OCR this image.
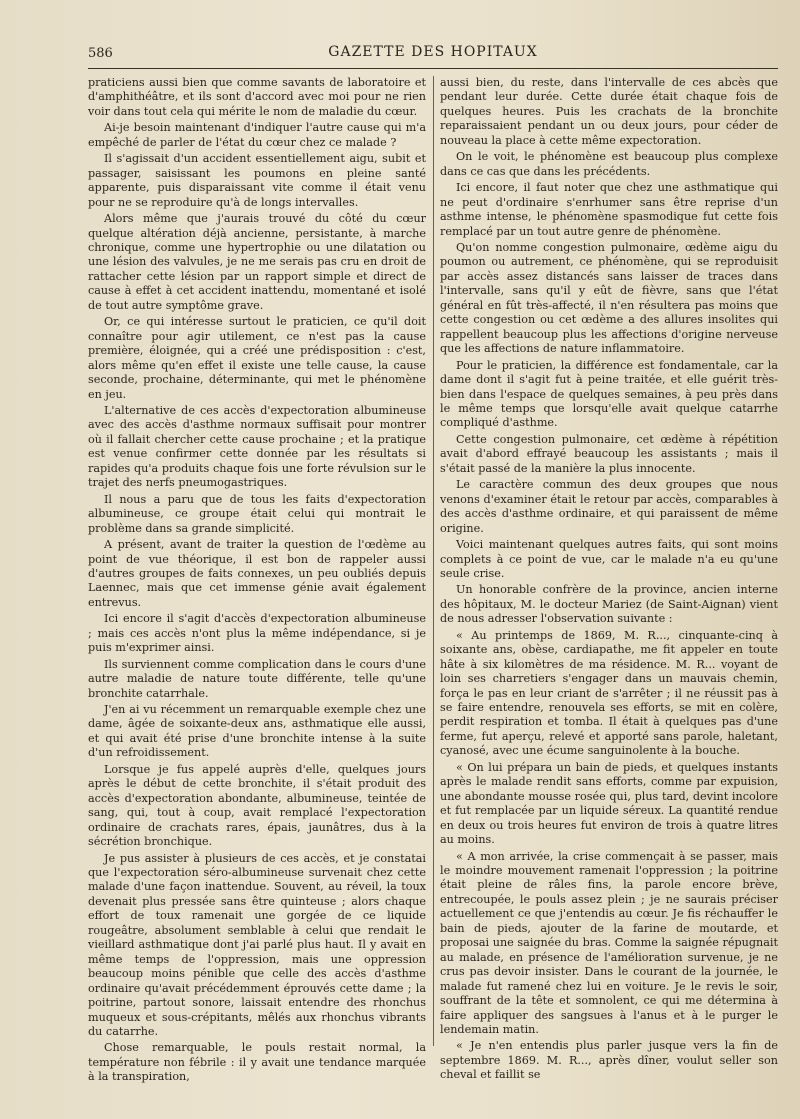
586	GAZETTE DES HOPITAUX

praticiens aussi bien que comme savants de laboratoire et d'amphithéâtre, et ils sont d'accord avec moi pour ne rien voir dans tout cela qui mérite le nom de maladie du cœur.

Ai-je besoin maintenant d'indiquer l'autre cause qui m'a empêché de parler de l'état du cœur chez ce malade ?

Il s'agissait d'un accident essentiellement aigu, subit et passager, saisissant les poumons en pleine santé apparente, puis disparaissant vite comme il était venu pour ne se reproduire qu'à de longs intervalles.

Alors même que j'aurais trouvé du côté du cœur quelque altération déjà ancienne, persistante, à marche chronique, comme une hypertrophie ou une dilatation ou une lésion des valvules, je ne me serais pas cru en droit de rattacher cette lésion par un rapport simple et direct de cause à effet à cet accident inattendu, momentané et isolé de tout autre symptôme grave.

Or, ce qui intéresse surtout le praticien, ce qu'il doit connaître pour agir utilement, ce n'est pas la cause première, éloignée, qui a créé une prédisposition : c'est, alors même qu'en effet il existe une telle cause, la cause seconde, prochaine, déterminante, qui met le phénomène en jeu.

L'alternative de ces accès d'expectoration albumineuse avec des accès d'asthme normaux suffisait pour montrer où il fallait chercher cette cause prochaine ; et la pratique est venue confirmer cette donnée par les résultats si rapides qu'a produits chaque fois une forte révulsion sur le trajet des nerfs pneumogastriques.

Il nous a paru que de tous les faits d'expectoration albumineuse, ce groupe était celui qui montrait le problème dans sa grande simplicité.

A présent, avant de traiter la question de l'œdème au point de vue théorique, il est bon de rappeler aussi d'autres groupes de faits connexes, un peu oubliés depuis Laennec, mais que cet immense génie avait également entrevus.

Ici encore il s'agit d'accès d'expectoration albumineuse ; mais ces accès n'ont plus la même indépendance, si je puis m'exprimer ainsi.

Ils surviennent comme complication dans le cours d'une autre maladie de nature toute différente, telle qu'une bronchite catarrhale.

J'en ai vu récemment un remarquable exemple chez une dame, âgée de soixante-deux ans, asthmatique elle aussi, et qui avait été prise d'une bronchite intense à la suite d'un refroidissement.

Lorsque je fus appelé auprès d'elle, quelques jours après le début de cette bronchite, il s'était produit des accès d'expectoration abondante, albumineuse, teintée de sang, qui, tout à coup, avait remplacé l'expectoration ordinaire de crachats rares, épais, jaunâtres, dus à la sécrétion bronchique.

Je pus assister à plusieurs de ces accès, et je constatai que l'expectoration séro-albumineuse survenait chez cette malade d'une façon inattendue. Souvent, au réveil, la toux devenait plus pressée sans être quinteuse ; alors chaque effort de toux ramenait une gorgée de ce liquide rougeâtre, absolument semblable à celui que rendait le vieillard asthmatique dont j'ai parlé plus haut. Il y avait en même temps de l'oppression, mais une oppression beaucoup moins pénible que celle des accès d'asthme ordinaire qu'avait précédemment éprouvés cette dame ; la poitrine, partout sonore, laissait entendre des rhonchus muqueux et sous-crépitants, mêlés aux rhonchus vibrants du catarrhe.

Chose remarquable, le pouls restait normal, la température non fébrile : il y avait une tendance marquée à la transpiration,

aussi bien, du reste, dans l'intervalle de ces abcès que pendant leur durée. Cette durée était chaque fois de quelques heures. Puis les crachats de la bronchite reparaissaient pendant un ou deux jours, pour céder de nouveau la place à cette même expectoration.

On le voit, le phénomène est beaucoup plus complexe dans ce cas que dans les précédents.

Ici encore, il faut noter que chez une asthmatique qui ne peut d'ordinaire s'enrhumer sans être reprise d'un asthme intense, le phénomène spasmodique fut cette fois remplacé par un tout autre genre de phénomène.

Qu'on nomme congestion pulmonaire, œdème aigu du poumon ou autrement, ce phénomène, qui se reproduisit par accès assez distancés sans laisser de traces dans l'intervalle, sans qu'il y eût de fièvre, sans que l'état général en fût très-affecté, il n'en résultera pas moins que cette congestion ou cet œdème a des allures insolites qui rappellent beaucoup plus les affections d'origine nerveuse que les affections de nature inflammatoire.

Pour le praticien, la différence est fondamentale, car la dame dont il s'agit fut à peine traitée, et elle guérit très-bien dans l'espace de quelques semaines, à peu près dans le même temps que lorsqu'elle avait quelque catarrhe compliqué d'asthme.

Cette congestion pulmonaire, cet œdème à répétition avait d'abord effrayé beaucoup les assistants ; mais il s'était passé de la manière la plus innocente.

Le caractère commun des deux groupes que nous venons d'examiner était le retour par accès, comparables à des accès d'asthme ordinaire, et qui paraissent de même origine.

Voici maintenant quelques autres faits, qui sont moins complets à ce point de vue, car le malade n'a eu qu'une seule crise.

Un honorable confrère de la province, ancien interne des hôpitaux, M. le docteur Mariez (de Saint-Aignan) vient de nous adresser l'observation suivante :

« Au printemps de 1869, M. R..., cinquante-cinq à soixante ans, obèse, cardiapathe, me fit appeler en toute hâte à six kilomètres de ma résidence. M. R... voyant de loin ses charretiers s'engager dans un mauvais chemin, força le pas en leur criant de s'arrêter ; il ne réussit pas à se faire entendre, renouvela ses efforts, se mit en colère, perdit respiration et tomba. Il était à quelques pas d'une ferme, fut aperçu, relevé et apporté sans parole, haletant, cyanosé, avec une écume sanguinolente à la bouche.

« On lui prépara un bain de pieds, et quelques instants après le malade rendit sans efforts, comme par expuision, une abondante mousse rosée qui, plus tard, devint incolore et fut remplacée par un liquide séreux. La quantité rendue en deux ou trois heures fut environ de trois à quatre litres au moins.

« A mon arrivée, la crise commençait à se passer, mais le moindre mouvement ramenait l'oppression ; la poitrine était pleine de râles fins, la parole encore brève, entrecoupée, le pouls assez plein ; je ne saurais préciser actuellement ce que j'entendis au cœur. Je fis réchauffer le bain de pieds, ajouter de la farine de moutarde, et proposai une saignée du bras. Comme la saignée répugnait au malade, en présence de l'amélioration survenue, je ne crus pas devoir insister. Dans le courant de la journée, le malade fut ramené chez lui en voiture. Je le revis le soir, souffrant de la tête et somnolent, ce qui me détermina à faire appliquer des sangsues à l'anus et à le purger le lendemain matin.

« Je n'en entendis plus parler jusque vers la fin de septembre 1869. M. R..., après dîner, voulut seller son cheval et faillit se
